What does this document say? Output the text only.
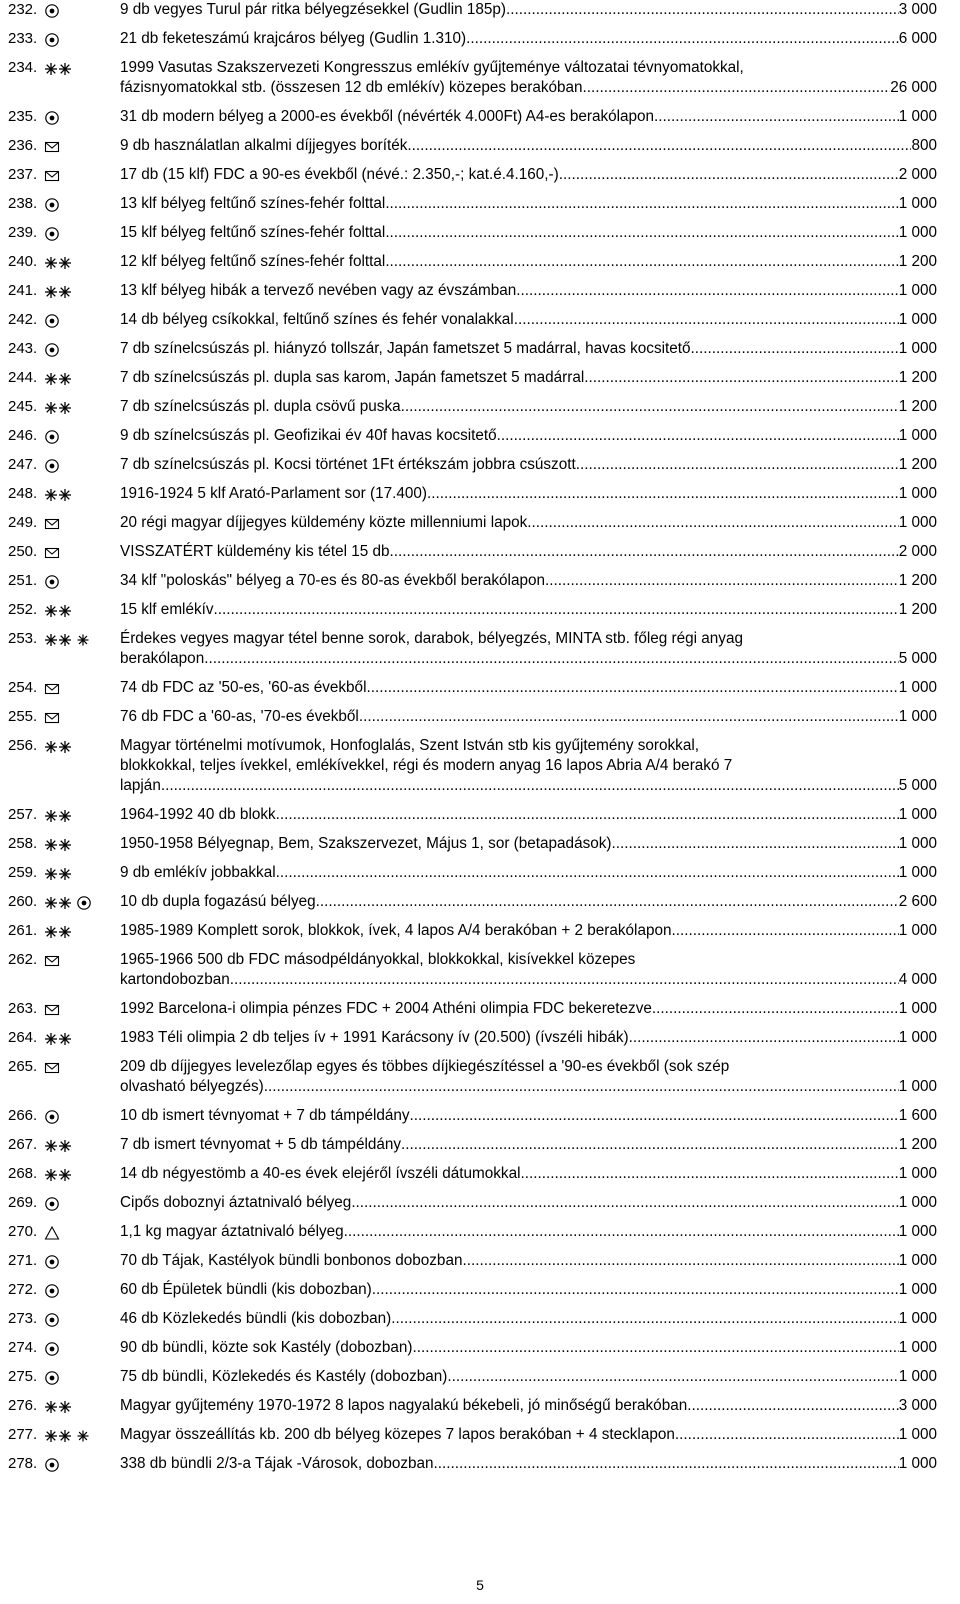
232.	9 db vegyes Turul pár ritka bélyegzésekkel (Gudlin 185p) .....	3 000
233.	21 db feketeszámú krajcáros bélyeg (Gudlin 1.310) .....	6 000
234.	1999 Vasutas Szakszervezeti Kongresszus emlékív gyűjteménye változatai tévnyomatokkal,
fázisnyomatokkal stb. (összesen 12 db emlékív) közepes berakóban .....	26 000
235.	31 db modern bélyeg a 2000-es évekből (névérték 4.000Ft) A4-es berakólapon .....	1 000
236.	9 db használatlan alkalmi díjjegyes boríték .....	800
237.	17 db (15 klf) FDC a 90-es évekből (névé.: 2.350,-; kat.é.4.160,-) .....	2 000
238.	13 klf bélyeg feltűnő színes-fehér folttal .....	1 000
239.	15 klf bélyeg feltűnő színes-fehér folttal .....	1 000
240.	12 klf bélyeg feltűnő színes-fehér folttal .....	1 200
241.	13 klf bélyeg hibák a tervező nevében vagy az évszámban .....	1 000
242.	14 db bélyeg csíkokkal, feltűnő színes és fehér vonalakkal .....	1 000
243.	7 db színelcsúszás pl. hiányzó tollszár, Japán fametszet 5 madárral, havas kocsitető .....	1 000
244.	7 db színelcsúszás pl. dupla sas karom, Japán fametszet 5 madárral .....	1 200
245.	7 db színelcsúszás pl. dupla csövű puska .....	1 200
246.	9 db színelcsúszás pl. Geofizikai év 40f havas kocsitető .....	1 000
247.	7 db színelcsúszás pl. Kocsi történet 1Ft értékszám jobbra csúszott .....	1 200
248.	1916-1924 5 klf Arató-Parlament sor (17.400) .....	1 000
249.	20 régi magyar díjjegyes küldemény közte millenniumi lapok .....	1 000
250.	VISSZATÉRT küldemény kis tétel 15 db .....	2 000
251.	34 klf "poloskás" bélyeg a 70-es és 80-as évekből berakólapon .....	1 200
252.	15 klf emlékív .....	1 200
253.	Érdekes vegyes magyar tétel benne sorok, darabok, bélyegzés, MINTA stb. főleg régi anyag
berakólapon .....	5 000
254.	74 db FDC az '50-es, '60-as évekből .....	1 000
255.	76 db FDC a '60-as, '70-es évekből .....	1 000
256.	Magyar történelmi motívumok, Honfoglalás, Szent István stb kis gyűjtemény sorokkal,
blokkokkal, teljes ívekkel, emlékívekkel, régi és modern anyag 16 lapos Abria A/4 berakó 7
lapján .....	5 000
257.	1964-1992 40 db blokk .....	1 000
258.	1950-1958 Bélyegnap, Bem, Szakszervezet, Május 1, sor (betapadások) .....	1 000
259.	9 db emlékív jobbakkal .....	1 000
260.	10 db dupla fogazású bélyeg .....	2 600
261.	1985-1989 Komplett sorok, blokkok, ívek, 4 lapos A/4 berakóban + 2 berakólapon .....	1 000
262.	1965-1966 500 db FDC másodpéldányokkal, blokkokkal, kisívekkel közepes
kartondobozban .....	4 000
263.	1992 Barcelona-i olimpia pénzes FDC + 2004 Athéni olimpia FDC bekeretezve .....	1 000
264.	1983 Téli olimpia 2 db teljes ív + 1991 Karácsony ív (20.500) (ívszéli hibák) .....	1 000
265.	209 db díjjegyes levelezőlap egyes és többes díjkiegészítéssel a '90-es évekből (sok szép
olvasható bélyegzés) .....	1 000
266.	10 db ismert tévnyomat + 7 db támpéldány .....	1 600
267.	7 db ismert tévnyomat + 5 db támpéldány .....	1 200
268.	14 db négyestömb a 40-es évek elejéről ívszéli dátumokkal .....	1 000
269.	Cipős doboznyi áztatnivaló bélyeg .....	1 000
270.	1,1 kg magyar áztatnivaló bélyeg .....	1 000
271.	70 db Tájak, Kastélyok bündli bonbonos dobozban .....	1 000
272.	60 db Épületek bündli (kis dobozban) .....	1 000
273.	46 db Közlekedés bündli (kis dobozban) .....	1 000
274.	90 db bündli, közte sok Kastély (dobozban) .....	1 000
275.	75 db bündli, Közlekedés és Kastély (dobozban) .....	1 000
276.	Magyar gyűjtemény 1970-1972 8 lapos nagyalakú békebeli, jó minőségű berakóban .....	3 000
277.	Magyar összeállítás kb. 200 db bélyeg közepes 7 lapos berakóban + 4 stecklapon .....	1 000
278.	338 db bündli 2/3-a Tájak -Városok, dobozban .....	1 000
5
